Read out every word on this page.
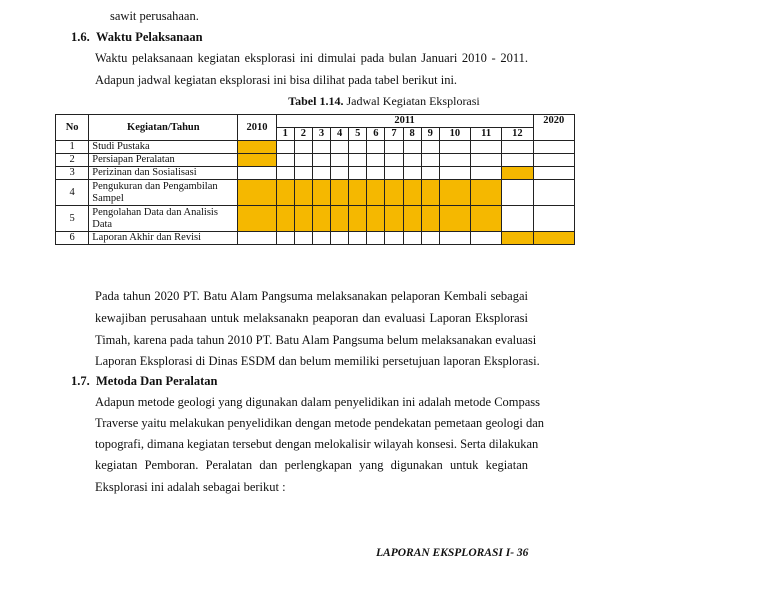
sawit perusahaan.
1.6. Waktu Pelaksanaan
Waktu pelaksanaan kegiatan eksplorasi ini dimulai pada bulan Januari 2010 - 2011.
Adapun jadwal kegiatan eksplorasi ini bisa dilihat pada tabel berikut ini.
Tabel 1.14. Jadwal Kegiatan Eksplorasi
No	Kegiatan/Tahun	2010	2011												2020
			1	2	3	4	5	6	7	8	9	10	11	12	
1	Studi Pustaka														
2	Persiapan Peralatan														
3	Perizinan dan Sosialisasi														
4	Pengukuran dan Pengambilan Sampel														
5	Pengolahan Data dan Analisis Data														
6	Laporan Akhir dan Revisi														
Pada tahun 2020 PT. Batu Alam Pangsuma melaksanakan pelaporan Kembali sebagai
kewajiban perusahaan untuk melaksanakn peaporan dan evaluasi Laporan Eksplorasi
Timah, karena pada tahun 2010 PT. Batu Alam Pangsuma belum melaksanakan evaluasi
Laporan Eksplorasi di Dinas ESDM dan belum memiliki persetujuan laporan Eksplorasi.
1.7. Metoda Dan Peralatan
Adapun metode geologi yang digunakan dalam penyelidikan ini adalah metode Compass
Traverse yaitu melakukan penyelidikan dengan metode pendekatan pemetaan geologi dan
topografi, dimana kegiatan tersebut dengan melokalisir wilayah konsesi. Serta dilakukan
kegiatan Pemboran. Peralatan dan perlengkapan yang digunakan untuk kegiatan
Eksplorasi ini adalah sebagai berikut :
LAPORAN EKSPLORASI I- 36
